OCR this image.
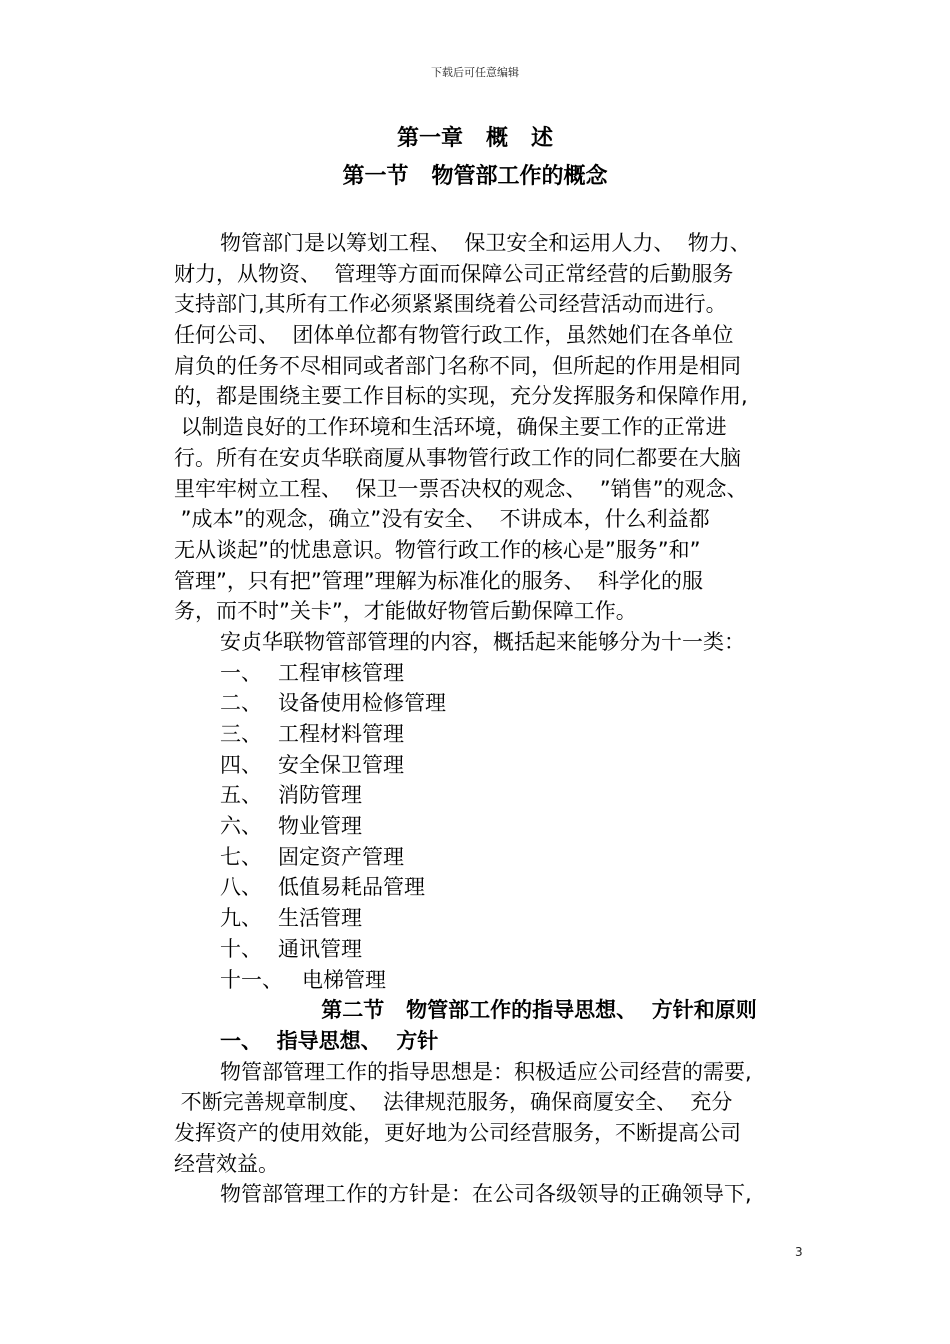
下载后可任意编辑
第一章   概   述
第一节   物管部工作的概念
物管部门是以筹划工程、  保卫安全和运用人力、  物力、
财力，从物资、  管理等方面而保障公司正常经营的后勤服务
支持部门,其所有工作必须紧紧围绕着公司经营活动而进行。
任何公司、  团体单位都有物管行政工作，虽然她们在各单位
肩负的任务不尽相同或者部门名称不同，但所起的作用是相同
的，都是围绕主要工作目标的实现，充分发挥服务和保障作用,
以制造良好的工作环境和生活环境，确保主要工作的正常进
行。所有在安贞华联商厦从事物管行政工作的同仁都要在大脑
里牢牢树立工程、  保卫一票否决权的观念、  ”销售”的观念、
”成本”的观念，确立”没有安全、  不讲成本，什么利益都
无从谈起”的忧患意识。物管行政工作的核心是”服务”和”
管理”，只有把”管理”理解为标准化的服务、  科学化的服
务，而不时”关卡”，才能做好物管后勤保障工作。
安贞华联物管部管理的内容，概括起来能够分为十一类：
一、 工程审核管理
二、 设备使用检修管理
三、 工程材料管理
四、 安全保卫管理
五、 消防管理
六、 物业管理
七、 固定资产管理
八、 低值易耗品管理
九、 生活管理
十、 通讯管理
十一、 电梯管理
第二节   物管部工作的指导思想、  方针和原则
一、  指导思想、  方针
物管部管理工作的指导思想是：积极适应公司经营的需要,
不断完善规章制度、  法律规范服务，确保商厦安全、  充分
发挥资产的使用效能，更好地为公司经营服务，不断提高公司
经营效益。
物管部管理工作的方针是：在公司各级领导的正确领导下,
3
